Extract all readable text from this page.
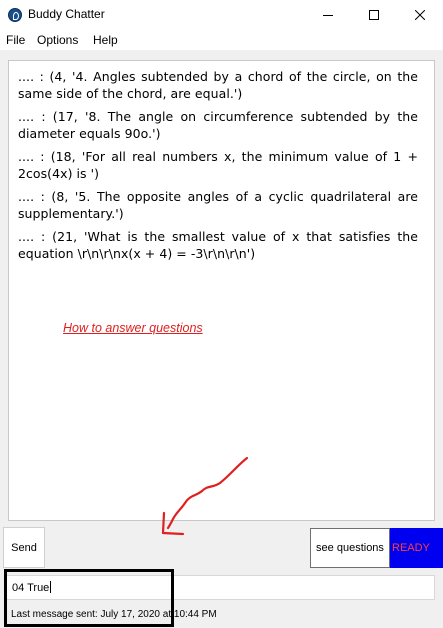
Buddy Chatter
File Options Help

.... : (4, '4. Angles subtended by a chord of the circle, on the same side of the chord, are equal.')

.... : (17, '8. The angle on circumference subtended by the diameter equals 90o.')

.... : (18, 'For all real numbers x, the minimum value of 1 + 2cos(4x) is ')

.... : (8, '5. The opposite angles of a cyclic quadrilateral are supplementary.')

.... : (21, 'What is the smallest value of x that satisfies the equation \r\n\r\nx(x + 4) = -3\r\n\r\n')

How to answer questions
Send	see questions READY
04 True
Last message sent: July 17, 2020 at 10:44 PM
